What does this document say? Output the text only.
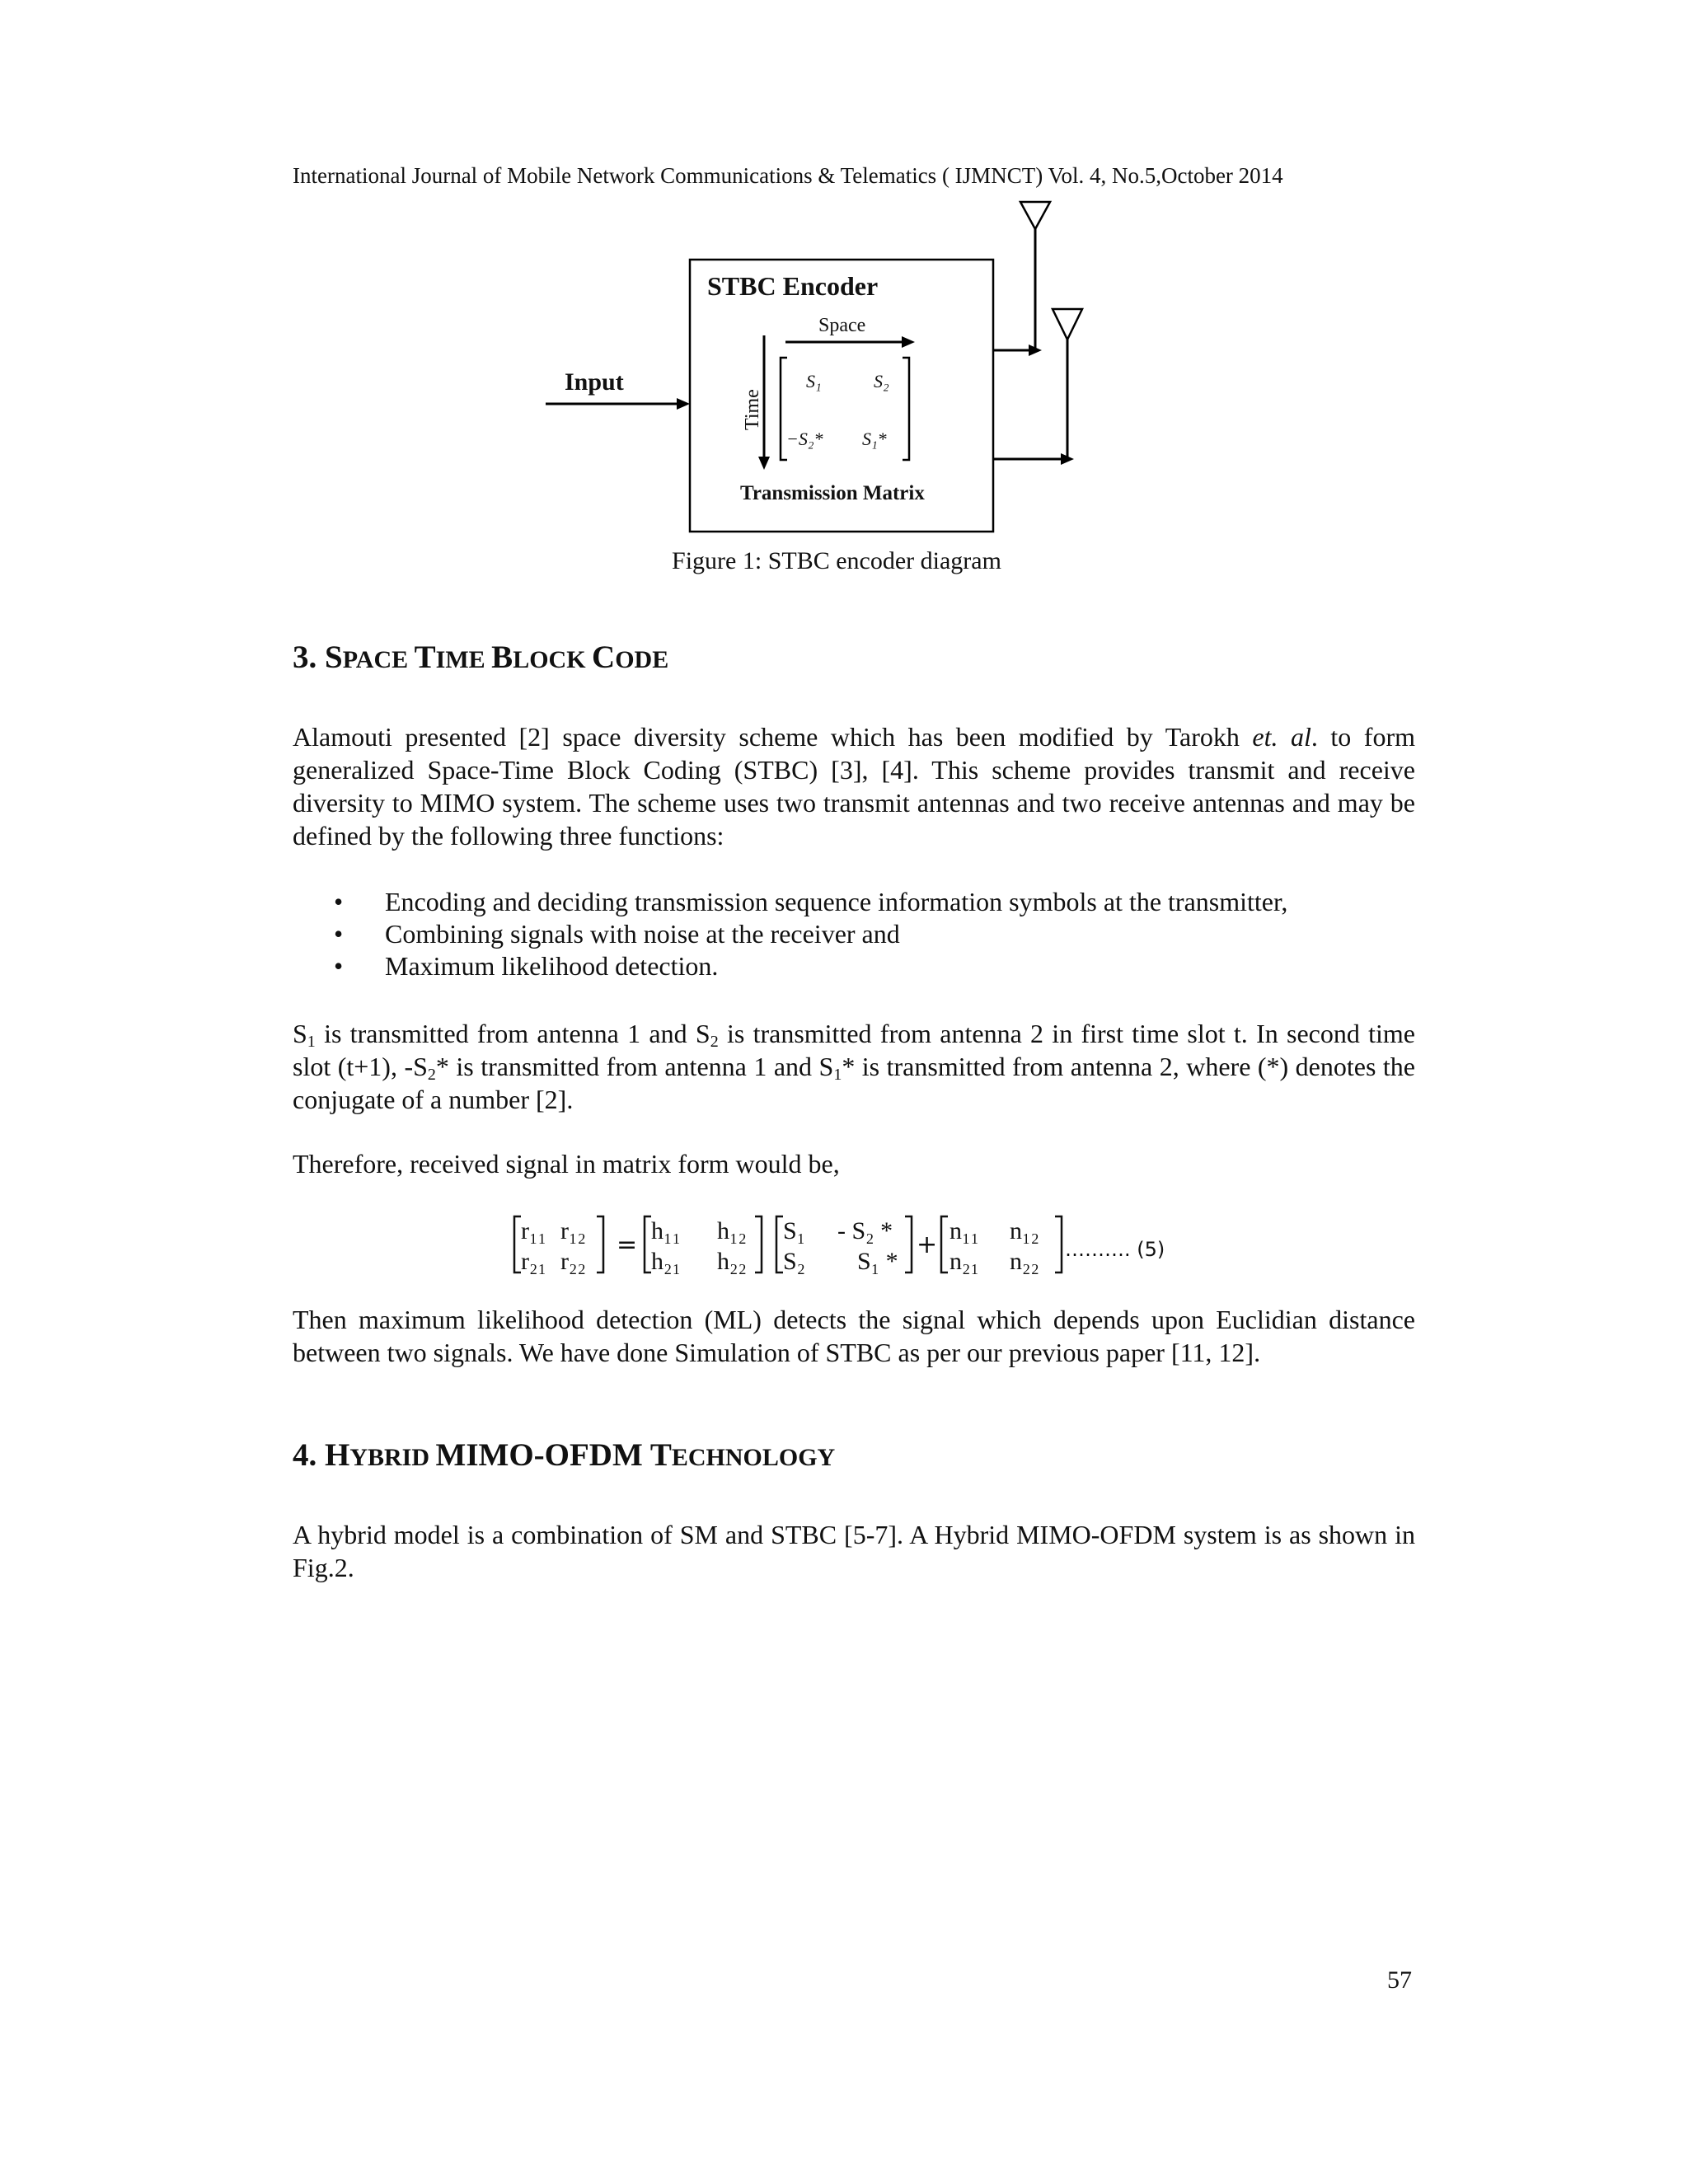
International Journal of Mobile Network Communications & Telematics ( IJMNCT) Vol. 4, No.5,October 2014
STBC Encoder
Space
Time
S₁	S₂
−S₂* S₁*
Transmission Matrix
Input
Figure 1: STBC encoder diagram
3. SPACE TIME BLOCK CODE
Alamouti presented [2] space diversity scheme which has been modified by Tarokh et. al. to form generalized Space-Time Block Coding (STBC) [3], [4]. This scheme provides transmit and receive diversity to MIMO system. The scheme uses two transmit antennas and two receive antennas and may be defined by the following three functions:
• Encoding and deciding transmission sequence information symbols at the transmitter,
• Combining signals with noise at the receiver and
• Maximum likelihood detection.
$S_1$ is transmitted from antenna 1 and $S_2$ is transmitted from antenna 2 in first time slot t. In second time slot (t+1), $-S_2*$ is transmitted from antenna 1 and $S_1*$ is transmitted from antenna 2, where (*) denotes the conjugate of a number [2].
Therefore, received signal in matrix form would be,
r₁₁ r₁₂
r₂₁ r₂₂
= h₁₁ h₁₂
h₂₁ h₂₂
S₁ - S₂ *
S₂ S₁ *
+ n₁₁ n₁₂
n₂₁ n₂₂ ………. (5)
Then maximum likelihood detection (ML) detects the signal which depends upon Euclidian distance between two signals. We have done Simulation of STBC as per our previous paper [11, 12].
4. HYBRID MIMO-OFDM TECHNOLOGY
A hybrid model is a combination of SM and STBC [5-7]. A Hybrid MIMO-OFDM system is as shown in Fig.2.
57
